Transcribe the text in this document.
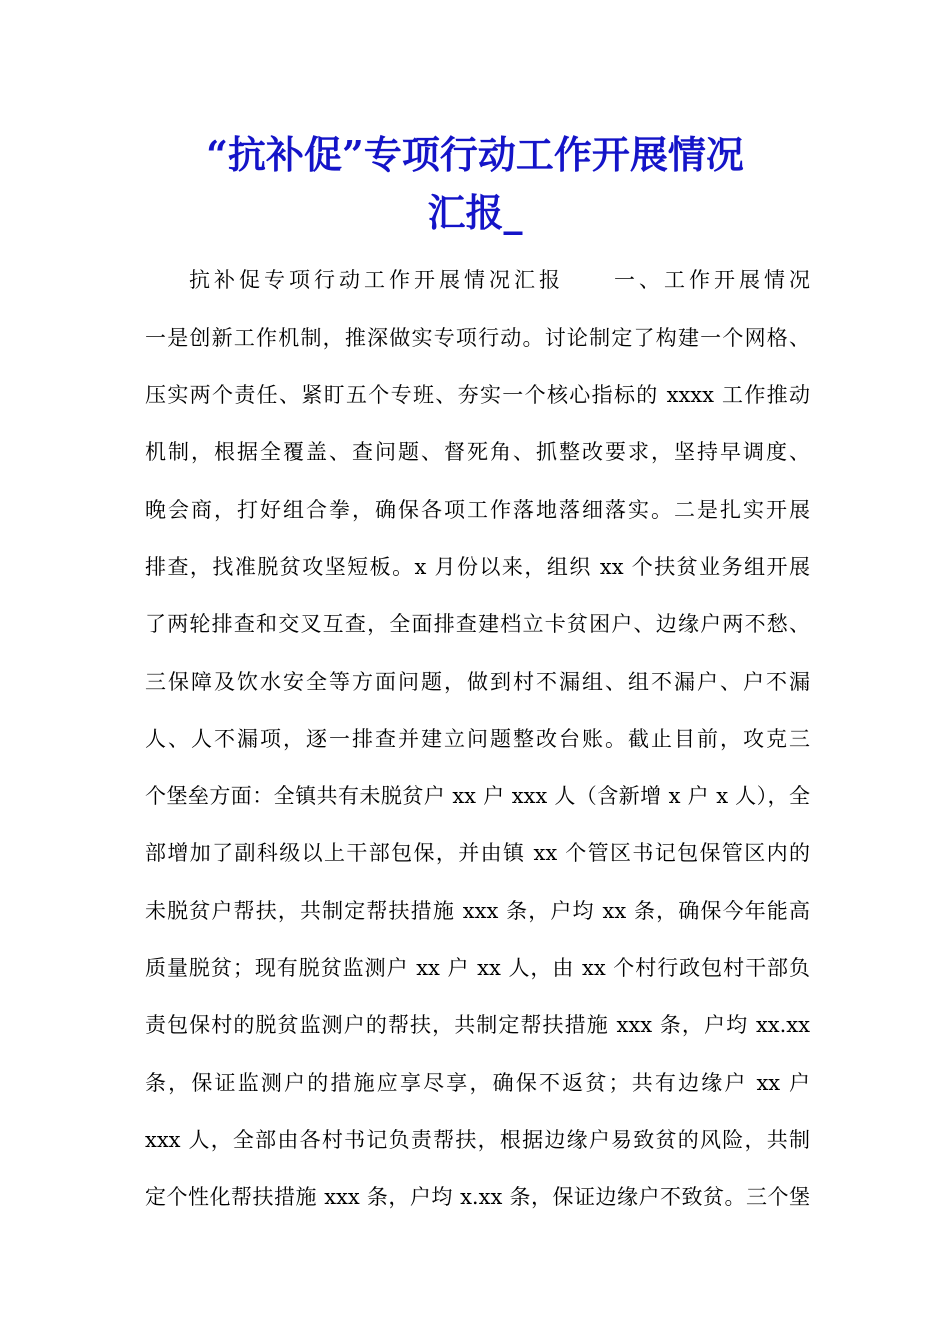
“抗补促”专项行动工作开展情况
汇报_
抗补促专项行动工作开展情况汇报　　一、工作开展情况
一是创新工作机制，推深做实专项行动。讨论制定了构建一个网格、
压实两个责任、紧盯五个专班、夯实一个核心指标的 xxxx 工作推动
机制，根据全覆盖、查问题、督死角、抓整改要求，坚持早调度、
晚会商，打好组合拳，确保各项工作落地落细落实。二是扎实开展
排查，找准脱贫攻坚短板。x 月份以来，组织 xx 个扶贫业务组开展
了两轮排查和交叉互查，全面排查建档立卡贫困户、边缘户两不愁、
三保障及饮水安全等方面问题，做到村不漏组、组不漏户、户不漏
人、人不漏项，逐一排查并建立问题整改台账。截止目前，攻克三
个堡垒方面：全镇共有未脱贫户 xx 户 xxx 人（含新增 x 户 x 人），全
部增加了副科级以上干部包保，并由镇 xx 个管区书记包保管区内的
未脱贫户帮扶，共制定帮扶措施 xxx 条，户均 xx 条，确保今年能高
质量脱贫；现有脱贫监测户 xx 户 xx 人，由 xx 个村行政包村干部负
责包保村的脱贫监测户的帮扶，共制定帮扶措施 xxx 条，户均 xx.xx
条，保证监测户的措施应享尽享，确保不返贫；共有边缘户 xx 户
xxx 人，全部由各村书记负责帮扶，根据边缘户易致贫的风险，共制
定个性化帮扶措施 xxx 条，户均 x.xx 条，保证边缘户不致贫。三个堡
